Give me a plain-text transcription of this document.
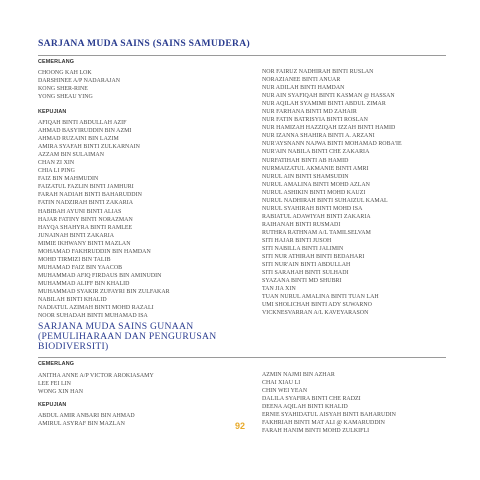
SARJANA MUDA SAINS (SAINS SAMUDERA)
CEMERLANG
CHOONG KAH LOK
DARSHINEE A/P NADARAJAN
KONG SHER-RINE
YONG SHEAU YING
KEPUJIAN
AFIQAH BINTI ABDULLAH AZIF
AHMAD BASYIRUDDIN BIN AZMI
AHMAD RUZAINI BIN LAZIM
AMIRA SYAFAH BINTI ZULKARNAIN
AZZAM BIN SULAIMAN
CHAN ZI XIN
CHIA LI PING
FAIZ BIN MAHMUDIN
FAIZATUL FAZLIN BINTI JAMHURI
FARAH NADIAH BINTI BAHARUDDIN
FATIN NADZIRAH BINTI ZAKARIA
HABIBAH AYUNI BINTI ALIAS
HAJAR FATINY BINTI NORAZMAN
HAYQA SHAHYRA BINTI RAMLEE
JUNAINAH BINTI ZAKARIA
MIMIE IKHWANY BINTI MAZLAN
MOHAMAD FAKHRUDDIN BIN HAMDAN
MOHD TIRMIZI BIN TALIB
MUHAMAD FAIZ BIN YAACOB
MUHAMMAD AFIQ FIRDAUS BIN AMINUDIN
MUHAMMAD ALIFF BIN KHALID
MUHAMMAD SYAKIR ZUFAYRI BIN ZULFAKAR
NABILAH BINTI KHALID
NADIATUL AZIMAH BINTI MOHD RAZALI
NOOR SUHADAH BINTI MUHAMAD ISA
NOR FAIRUZ NADHIRAH BINTI RUSLAN
NORAZIANEE BINTI ANUAR
NUR ADILAH BINTI HAMDAN
NUR AIN SYAFIQAH BINTI KASMAN @ HASSAN
NUR AQILAH SYAMIMI BINTI ABDUL ZIMAR
NUR FARHANA BINTI MD ZAHAIR
NUR FATIN BATRISYIA BINTI ROSLAN
NUR HAMIZAH HAZZIQAH IZZAH BINTI HAMID
NUR IZANNA SHAHIRA BINTI A. ARZANI
NUR'AYSNANN NAJWA BINTI MOHAMAD ROBA'IE
NUR'AIN NABILA BINTI CHE ZAKARIA
NURFATIHAH BINTI AB HAMID
NURMAIZATUL AKMANIE BINTI AMRI
NURUL AIN BINTI SHAMSUDIN
NURUL AMALINA BINTI MOHD AZLAN
NURUL ASHIKIN BINTI MOHD KAUZI
NURUL NADHIRAH BINTI SUHAIZUL KAMAL
NURUL SYAHIRAH BINTI MOHD ISA
RABIATUL ADAWIYAH BINTI ZAKARIA
RAIHANAH BINTI RUSMADI
RUTHRA RATHNAM A/L TAMILSELVAM
SITI HAJAR BINTI JUSOH
SITI NABILLA BINTI JALIMIN
SITI NUR ATHIRAH BINTI BEDAHARI
SITI NUR'AIN BINTI ABDULLAH
SITI SARAHAH BINTI SULHADI
SYAZANA BINTI MD SHUBRI
TAN JIA XIN
TUAN NURUL AMALINA BINTI TUAN LAH
UMI SHOLICHAH BINTI ADY SUWARNO
VICKNESVARRAN A/L KAVEYARASON
SARJANA MUDA SAINS GUNAAN
(PEMULIHARAAN DAN PENGURUSAN
BIODIVERSITI)
CEMERLANG
ANITHA ANNE A/P VICTOR AROKIASAMY
LEE FEI LIN
WONG XIN HAN
KEPUJIAN
ABDUL AMIR ANBARI BIN AHMAD
AMIRUL ASYRAF BIN MAZLAN
AZMIN NAJMI BIN AZHAR
CHAI XIAU LI
CHIN WEI YEAN
DALILA SYAFIRA BINTI CHE RADZI
DEENA AQILAH BINTI KHALID
ERNIE SYAHIDATUL AISYAH BINTI BAHARUDIN
FAKHRIAH BINTI MAT ALI @ KAMARUDDIN
FARAH HANIM BINTI MOHD ZULKIFLI
92
